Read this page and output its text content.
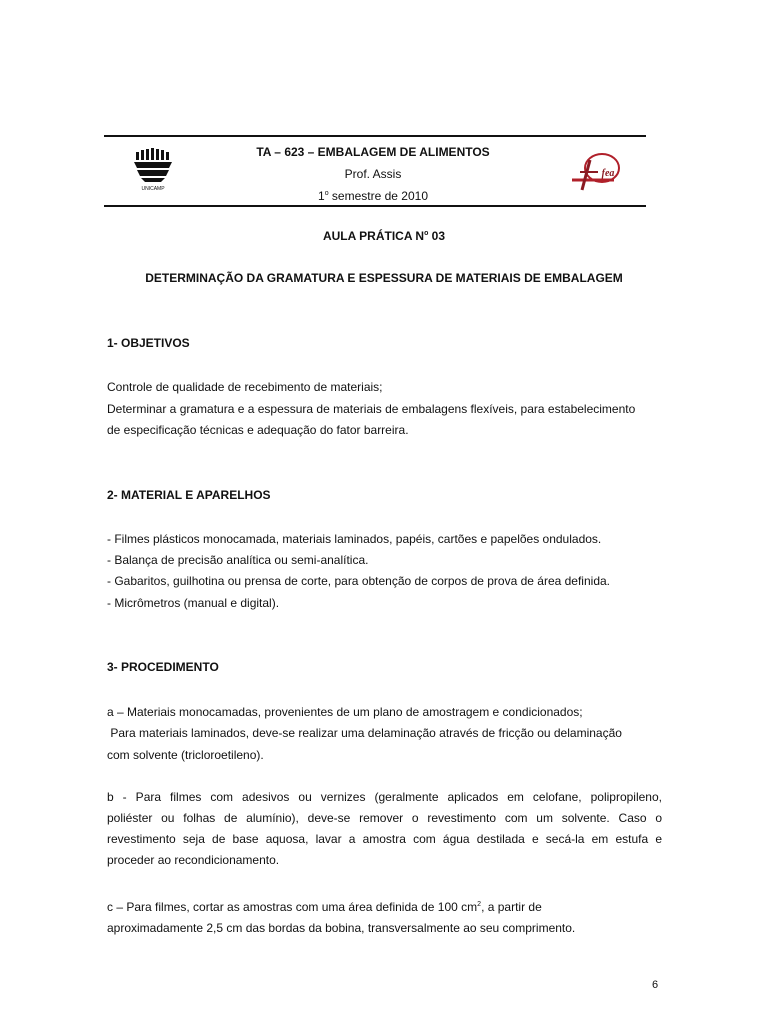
UNICAMP
fea
TA – 623 – EMBALAGEM DE ALIMENTOS
Prof. Assis
1$^o$ semestre de 2010
AULA PRÁTICA $N^o$ 03
DETERMINAÇÃO DA GRAMATURA E ESPESSURA DE MATERIAIS DE EMBALAGEM
1- OBJETIVOS
Controle de qualidade de recebimento de materiais;
Determinar a gramatura e a espessura de materiais de embalagens flexíveis, para estabelecimento
de especificação técnicas e adequação do fator barreira.
2- MATERIAL E APARELHOS
- Filmes plásticos monocamada, materiais laminados, papéis, cartões e papelões ondulados.
- Balança de precisão analítica ou semi-analítica.
- Gabaritos, guilhotina ou prensa de corte, para obtenção de corpos de prova de área definida.
- Micrômetros (manual e digital).
3- PROCEDIMENTO
a – Materiais monocamadas, provenientes de um plano de amostragem e condicionados;
Para materiais laminados, deve-se realizar uma delaminação através de fricção ou delaminação
com solvente (tricloroetileno).
b - Para filmes com adesivos ou vernizes (geralmente aplicados em celofane, polipropileno,
poliéster ou folhas de alumínio), deve-se remover o revestimento com um solvente. Caso o
revestimento seja de base aquosa, lavar a amostra com água destilada e secá-la em estufa e
proceder ao recondicionamento.
c – Para filmes, cortar as amostras com uma área definida de 100 $cm^2$, a partir de
aproximadamente 2,5 cm das bordas da bobina, transversalmente ao seu comprimento.
6
